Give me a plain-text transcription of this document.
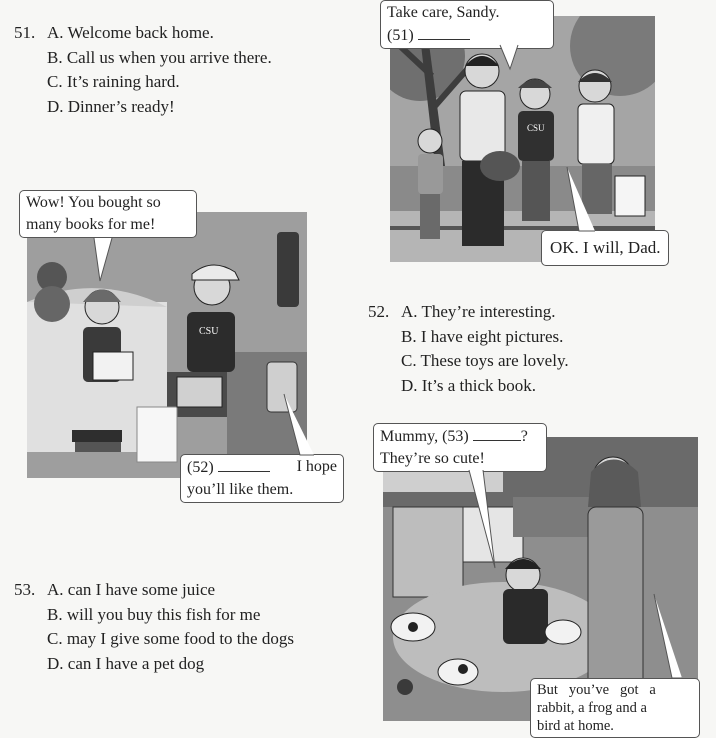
51. A. Welcome back home.
B. Call us when you arrive there.
C. It’s raining hard.
D. Dinner’s ready!
52. A. They’re interesting.
B. I have eight pictures.
C. These toys are lovely.
D. It’s a thick book.
53. A. can I have some juice
B. will you buy this fish for me
C. may I give some food to the dogs
D. can I have a pet dog
CSU
Take care, Sandy.
(51)
OK. I will, Dad.
CSU
Wow! You bought so
many books for me!
(52)	I hope
you’ll like them.
Mummy, (53)	?
They’re so cute!
But   you’ve   got   a
rabbit, a frog and a
bird at home.
